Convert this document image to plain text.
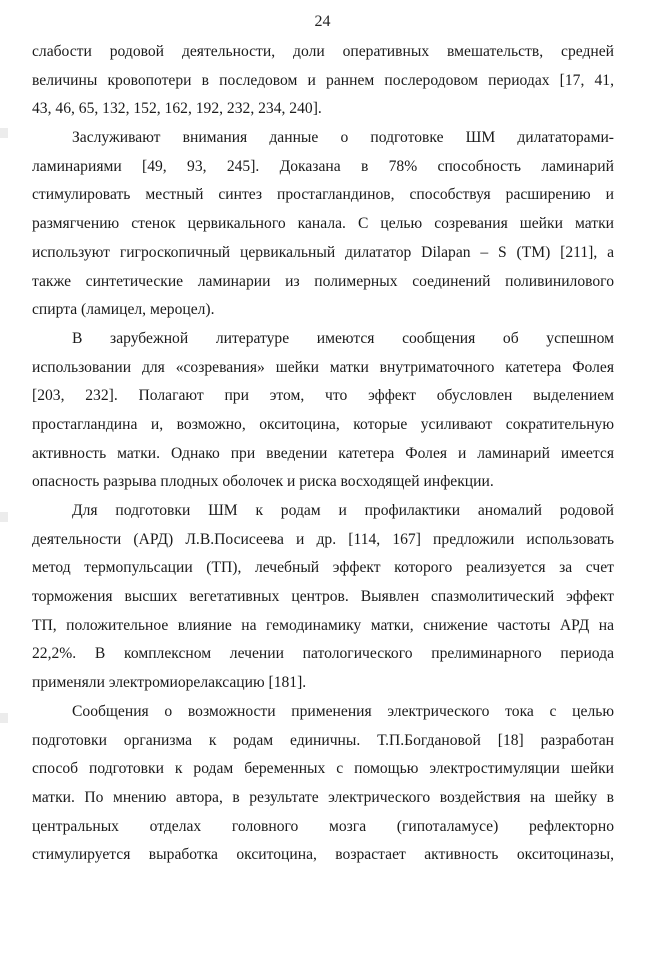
24
слабости родовой деятельности, доли оперативных вмешательств, средней
величины кровопотери в последовом и раннем послеродовом периодах [17, 41,
43, 46, 65, 132, 152, 162, 192, 232, 234, 240].
Заслуживают внимания данные о подготовке ШМ дилататорами-
ламинариями [49, 93, 245]. Доказана в 78% способность ламинарий
стимулировать местный синтез простагландинов, способствуя расширению и
размягчению стенок цервикального канала. С целью созревания шейки матки
используют гигроскопичный цервикальный дилататор Dilapan – S (TM) [211], а
также синтетические ламинарии из полимерных соединений поливинилового
спирта (ламицел, мероцел).
В зарубежной литературе имеются сообщения об успешном
использовании для «созревания» шейки матки внутриматочного катетера Фолея
[203, 232]. Полагают при этом, что эффект обусловлен выделением
простагландина и, возможно, окситоцина, которые усиливают сократительную
активность матки. Однако при введении катетера Фолея и ламинарий имеется
опасность разрыва плодных оболочек и риска восходящей инфекции.
Для подготовки ШМ к родам и профилактики аномалий родовой
деятельности (АРД) Л.В.Посисеева и др. [114, 167] предложили использовать
метод термопульсации (ТП), лечебный эффект которого реализуется за счет
торможения высших вегетативных центров. Выявлен спазмолитический эффект
ТП, положительное влияние на гемодинамику матки, снижение частоты АРД на
22,2%. В комплексном лечении патологического прелиминарного периода
применяли электромиорелаксацию [181].
Сообщения о возможности применения электрического тока с целью
подготовки организма к родам единичны. Т.П.Богдановой [18] разработан
способ подготовки к родам беременных с помощью электростимуляции шейки
матки. По мнению автора, в результате электрического воздействия на шейку в
центральных отделах головного мозга (гипоталамусе) рефлекторно
стимулируется выработка окситоцина, возрастает активность окситоциназы,
